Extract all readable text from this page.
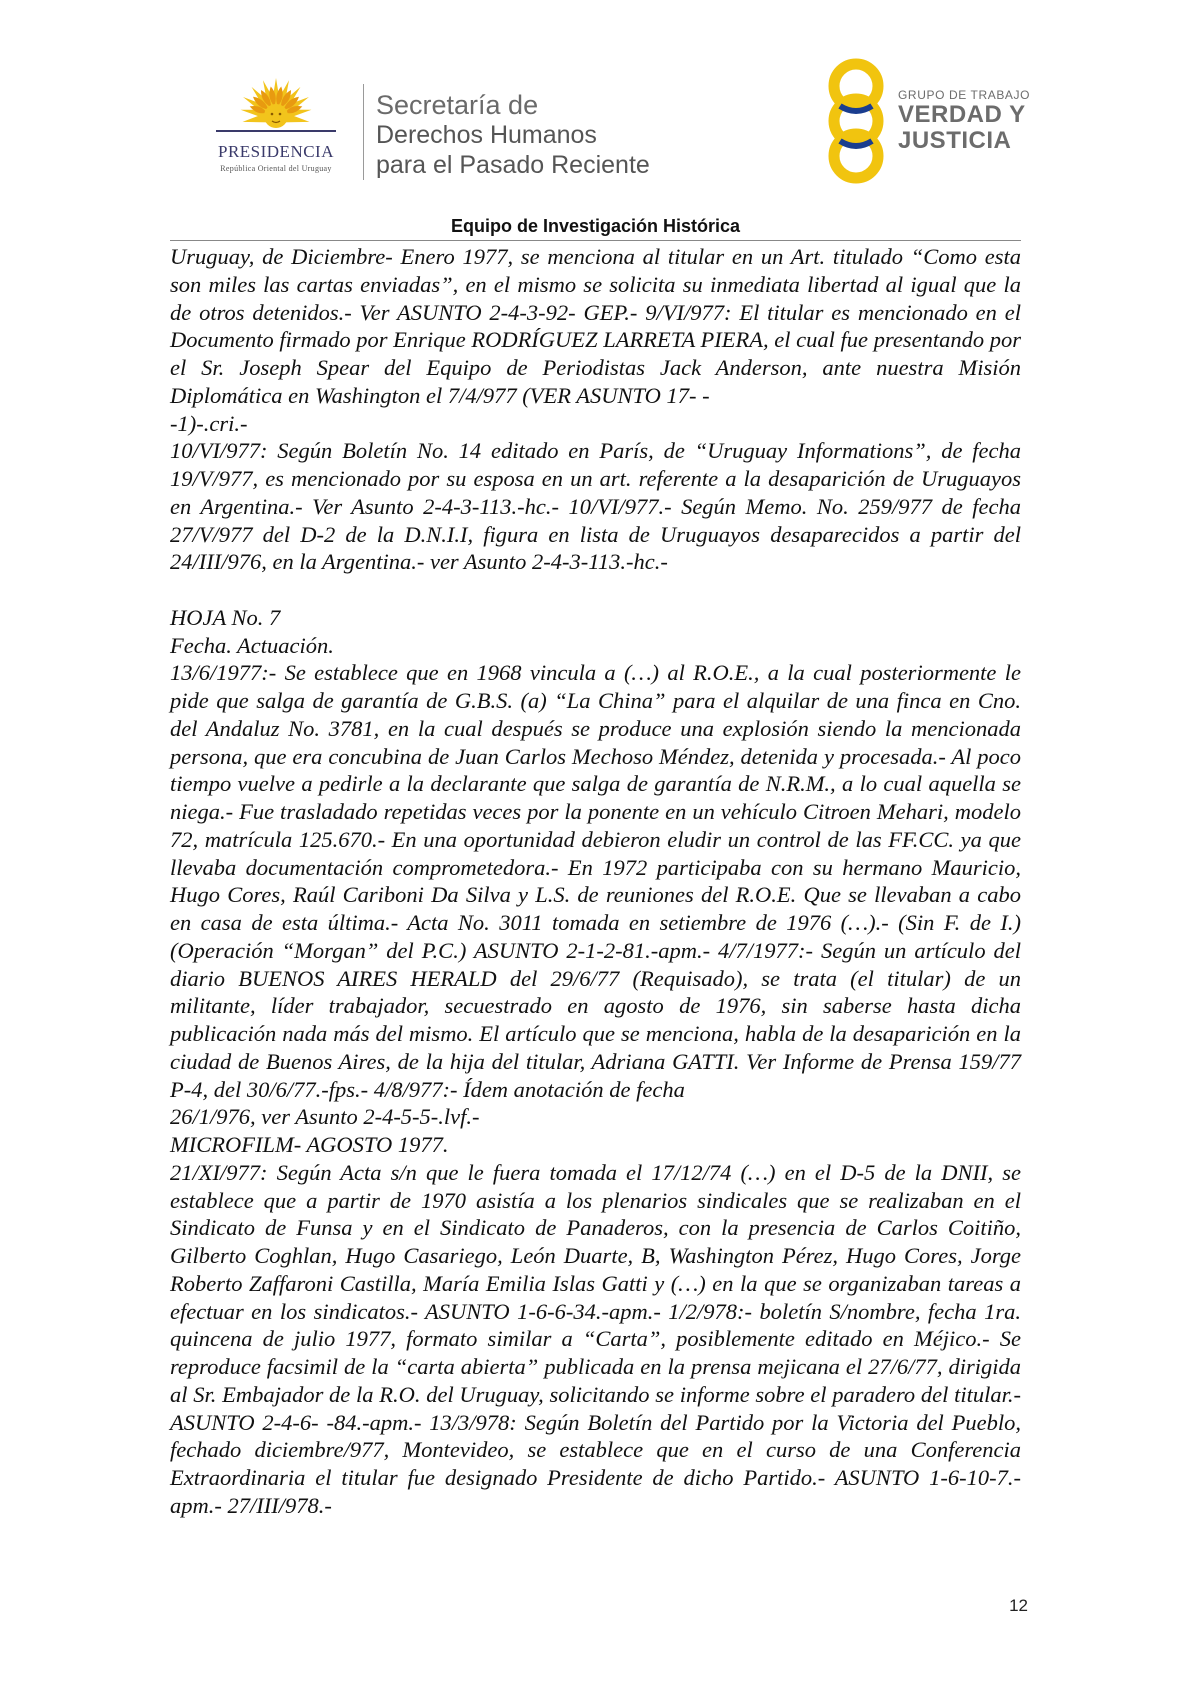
PRESIDENCIA
República Oriental del Uruguay
Secretaría de
Derechos Humanos
para el Pasado Reciente
GRUPO DE TRABAJO
VERDAD Y
JUSTICIA
Equipo de Investigación Histórica

Uruguay, de Diciembre- Enero 1977, se menciona al titular en un Art. titulado “Como esta son miles las cartas enviadas”, en el mismo se solicita su inmediata libertad al igual que la de otros detenidos.- Ver ASUNTO 2-4-3-92- GEP.- 9/VI/977: El titular es mencionado en el Documento firmado por Enrique RODRÍGUEZ LARRETA PIERA, el cual fue presentando por el Sr. Joseph Spear del Equipo de Periodistas Jack Anderson, ante nuestra Misión Diplomática en Washington el 7/4/977 (VER ASUNTO 17- -

-1)-.cri.-

10/VI/977: Según Boletín No. 14 editado en París, de “Uruguay Informations”, de fecha 19/V/977, es mencionado por su esposa en un art. referente a la desaparición de Uruguayos en Argentina.- Ver Asunto 2-4-3-113.-hc.- 10/VI/977.- Según Memo. No. 259/977 de fecha 27/V/977 del D-2 de la D.N.I.I, figura en lista de Uruguayos desaparecidos a partir del 24/III/976, en la Argentina.- ver Asunto 2-4-3-113.-hc.-

HOJA No. 7

Fecha. Actuación.

13/6/1977:- Se establece que en 1968 vincula a (…) al R.O.E., a la cual posteriormente le pide que salga de garantía de G.B.S. (a) “La China” para el alquilar de una finca en Cno. del Andaluz No. 3781, en la cual después se produce una explosión siendo la mencionada persona, que era concubina de Juan Carlos Mechoso Méndez, detenida y procesada.- Al poco tiempo vuelve a pedirle a la declarante que salga de garantía de N.R.M., a lo cual aquella se niega.- Fue trasladado repetidas veces por la ponente en un vehículo Citroen Mehari, modelo 72, matrícula 125.670.- En una oportunidad debieron eludir un control de las FF.CC. ya que llevaba documentación comprometedora.- En 1972 participaba con su hermano Mauricio, Hugo Cores, Raúl Cariboni Da Silva y L.S. de reuniones del R.O.E. Que se llevaban a cabo en casa de esta última.- Acta No. 3011 tomada en setiembre de 1976 (…).- (Sin F. de I.) (Operación “Morgan” del P.C.) ASUNTO 2-1-2-81.-apm.- 4/7/1977:- Según un artículo del diario BUENOS AIRES HERALD del 29/6/77 (Requisado), se trata (el titular) de un militante, líder trabajador, secuestrado en agosto de 1976, sin saberse hasta dicha publicación nada más del mismo. El artículo que se menciona, habla de la desaparición en la ciudad de Buenos Aires, de la hija del titular, Adriana GATTI. Ver Informe de Prensa 159/77 P-4, del 30/6/77.-fps.- 4/8/977:- Ídem anotación de fecha

26/1/976, ver Asunto 2-4-5-5-.lvf.-

MICROFILM- AGOSTO 1977.

21/XI/977: Según Acta s/n que le fuera tomada el 17/12/74 (…) en el D-5 de la DNII, se establece que a partir de 1970 asistía a los plenarios sindicales que se realizaban en el Sindicato de Funsa y en el Sindicato de Panaderos, con la presencia de Carlos Coitiño, Gilberto Coghlan, Hugo Casariego, León Duarte, B, Washington Pérez, Hugo Cores, Jorge Roberto Zaffaroni Castilla, María Emilia Islas Gatti y (…) en la que se organizaban tareas a efectuar en los sindicatos.- ASUNTO 1-6-6-34.-apm.- 1/2/978:- boletín S/nombre, fecha 1ra. quincena de julio 1977, formato similar a “Carta”, posiblemente editado en Méjico.- Se reproduce facsimil de la “carta abierta” publicada en la prensa mejicana el 27/6/77, dirigida al Sr. Embajador de la R.O. del Uruguay, solicitando se informe sobre el paradero del titular.- ASUNTO 2-4-6- -84.-apm.- 13/3/978: Según Boletín del Partido por la Victoria del Pueblo, fechado diciembre/977, Montevideo, se establece que en el curso de una Conferencia Extraordinaria el titular fue designado Presidente de dicho Partido.- ASUNTO 1-6-10-7.-apm.- 27/III/978.-

12
